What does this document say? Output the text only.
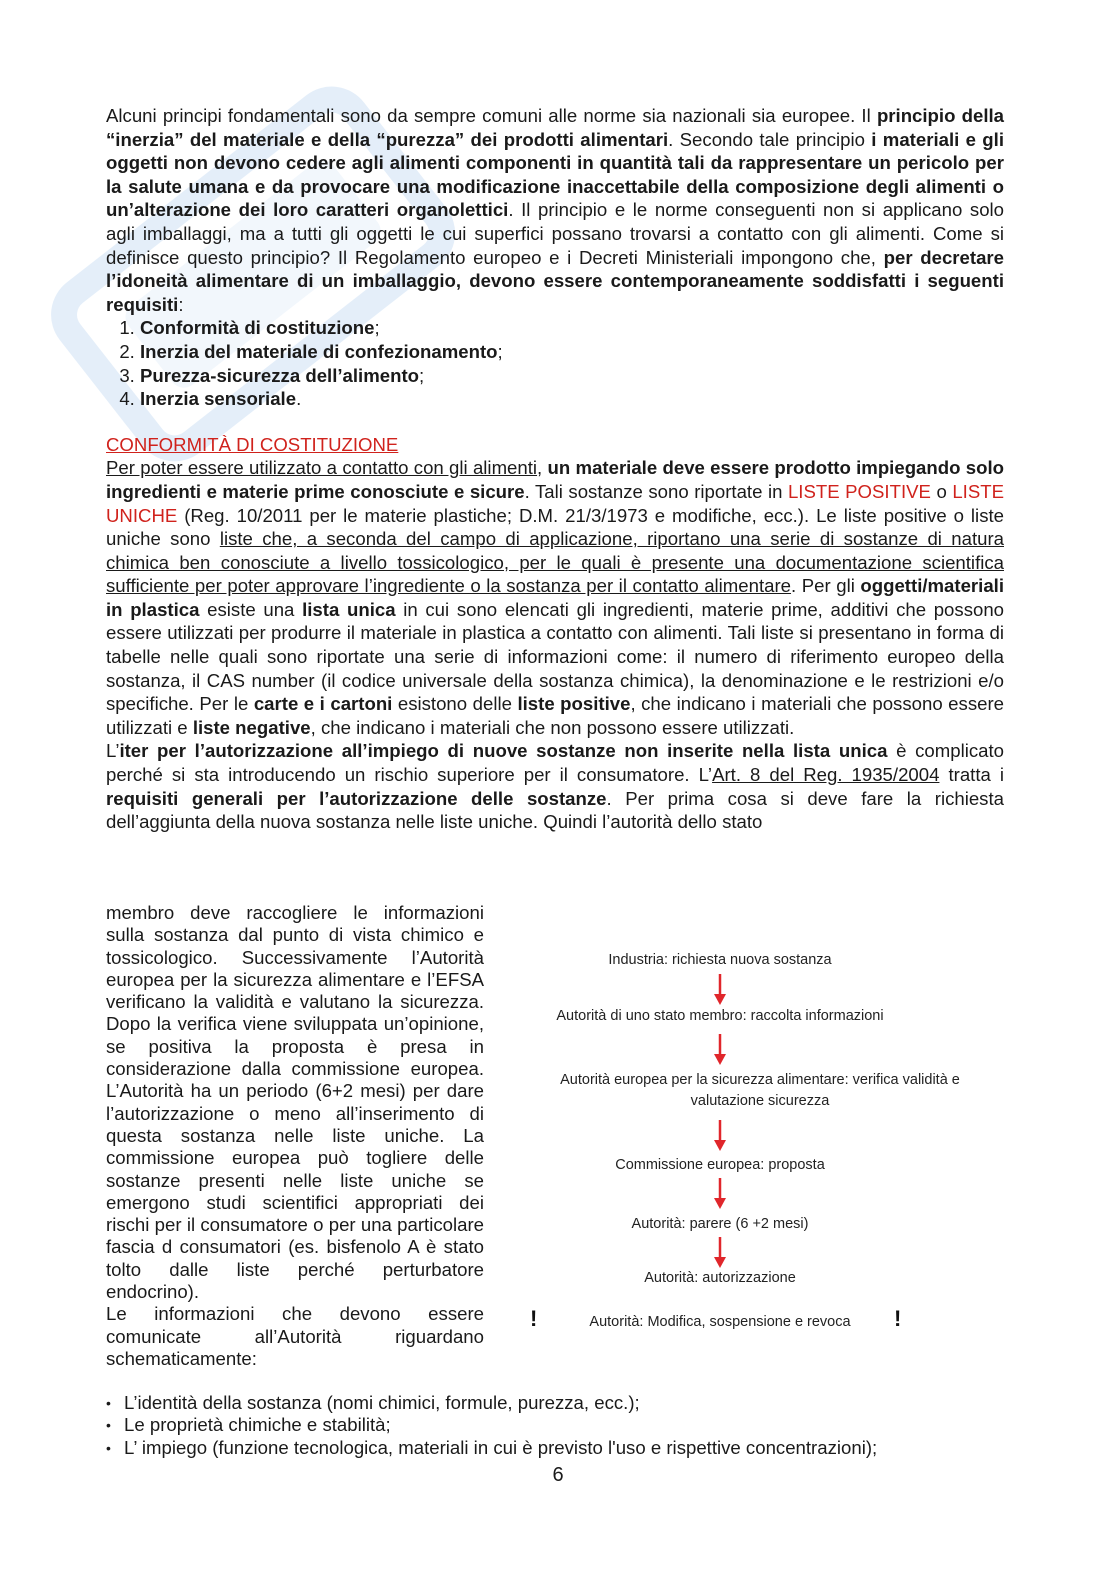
Alcuni principi fondamentali sono da sempre comuni alle norme sia nazionali sia europee. Il principio della “inerzia” del materiale e della “purezza” dei prodotti alimentari. Secondo tale principio i materiali e gli oggetti non devono cedere agli alimenti componenti in quantità tali da rappresentare un pericolo per la salute umana e da provocare una modificazione inaccettabile della composizione degli alimenti o un’alterazione dei loro caratteri organolettici. Il principio e le norme conseguenti non si applicano solo agli imballaggi, ma a tutti gli oggetti le cui superfici possano trovarsi a contatto con gli alimenti. Come si definisce questo principio? Il Regolamento europeo e i Decreti Ministeriali impongono che, per decretare l’idoneità alimentare di un imballaggio, devono essere contemporaneamente soddisfatti i seguenti requisiti:

1. Conformità di costituzione;
2. Inerzia del materiale di confezionamento;
3. Purezza-sicurezza dell’alimento;
4. Inerzia sensoriale.

CONFORMITÀ DI COSTITUZIONE

Per poter essere utilizzato a contatto con gli alimenti, un materiale deve essere prodotto impiegando solo ingredienti e materie prime conosciute e sicure. Tali sostanze sono riportate in LISTE POSITIVE o LISTE UNICHE (Reg. 10/2011 per le materie plastiche; D.M. 21/3/1973 e modifiche, ecc.). Le liste positive o liste uniche sono liste che, a seconda del campo di applicazione, riportano una serie di sostanze di natura chimica ben conosciute a livello tossicologico, per le quali è presente una documentazione scientifica sufficiente per poter approvare l’ingrediente o la sostanza per il contatto alimentare. Per gli oggetti/materiali in plastica esiste una lista unica in cui sono elencati gli ingredienti, materie prime, additivi che possono essere utilizzati per produrre il materiale in plastica a contatto con alimenti. Tali liste si presentano in forma di tabelle nelle quali sono riportate una serie di informazioni come: il numero di riferimento europeo della sostanza, il CAS number (il codice universale della sostanza chimica), la denominazione e le restrizioni e/o specifiche. Per le carte e i cartoni esistono delle liste positive, che indicano i materiali che possono essere utilizzati e liste negative, che indicano i materiali che non possono essere utilizzati.

L’iter per l’autorizzazione all’impiego di nuove sostanze non inserite nella lista unica è complicato perché si sta introducendo un rischio superiore per il consumatore. L’Art. 8 del Reg. 1935/2004 tratta i requisiti generali per l’autorizzazione delle sostanze. Per prima cosa si deve fare la richiesta dell’aggiunta della nuova sostanza nelle liste uniche. Quindi l’autorità dello stato

membro deve raccogliere le informazioni sulla sostanza dal punto di vista chimico e tossicologico. Successivamente l’Autorità europea per la sicurezza alimentare e l’EFSA verificano la validità e valutano la sicurezza. Dopo la verifica viene sviluppata un’opinione, se positiva la proposta è presa in considerazione dalla commissione europea. L’Autorità ha un periodo (6+2 mesi) per dare l’autorizzazione o meno all’inserimento di questa sostanza nelle liste uniche. La commissione europea può togliere delle sostanze presenti nelle liste uniche se emergono studi scientifici appropriati dei rischi per il consumatore o per una particolare fascia d consumatori (es. bisfenolo A è stato tolto dalle liste perché perturbatore endocrino).

Le informazioni che devono essere comunicate all’Autorità riguardano schematicamente:

Industria: richiesta nuova sostanza
Autorità di uno stato membro: raccolta informazioni
Autorità europea per la sicurezza alimentare: verifica validità e valutazione sicurezza
Commissione europea: proposta
Autorità: parere (6 +2 mesi)
Autorità: autorizzazione
!	Autorità: Modifica, sospensione e revoca	!
• L’identità della sostanza (nomi chimici, formule, purezza, ecc.);
• Le proprietà chimiche e stabilità;
• L’ impiego (funzione tecnologica, materiali in cui è previsto l'uso e rispettive concentrazioni);
6
